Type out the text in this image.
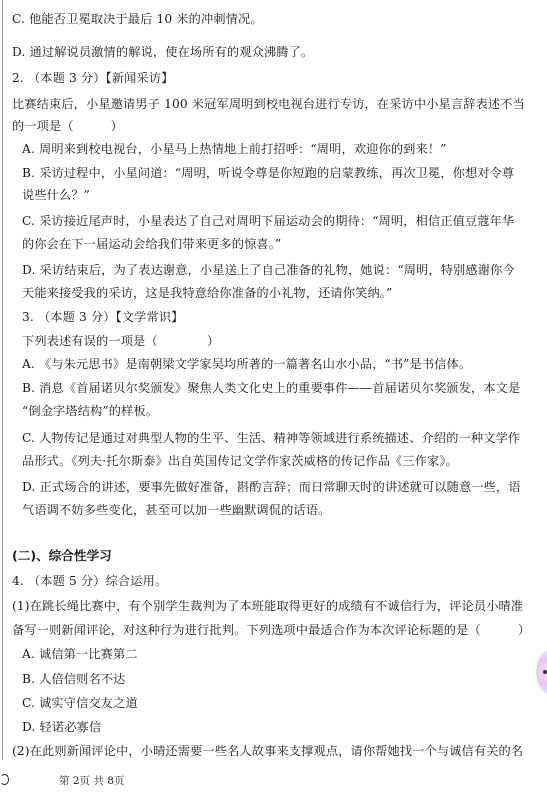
C. 他能否卫冕取决于最后 10 米的冲刺情况。
D. 通过解说员激情的解说，使在场所有的观众沸腾了。
2. （本题 3 分）【新闻采访】
比赛结束后，小星邀请男子 100 米冠军周明到校电视台进行专访，在采访中小星言辞表述不当
的一项是（　　　）
A. 周明来到校电视台，小星马上热情地上前打招呼：“周明，欢迎你的到来！”
B. 采访过程中，小星问道：“周明，听说令尊是你短跑的启蒙教练，再次卫冕，你想对令尊
说些什么？”
C. 采访接近尾声时，小星表达了自己对周明下届运动会的期待：“周明，相信正值豆蔻年华
的你会在下一届运动会给我们带来更多的惊喜。”
D. 采访结束后，为了表达谢意，小星送上了自己准备的礼物，她说：“周明，特别感谢你今
天能来接受我的采访，这是我特意给你准备的小礼物，还请你笑纳。”
3. （本题 3 分）【文学常识】
下列表述有误的一项是（　　　　）
A. 《与朱元思书》是南朝梁文学家吴均所著的一篇著名山水小品，“书”是书信体。
B. 消息《首届诺贝尔奖颁发》聚焦人类文化史上的重要事件——首届诺贝尔奖颁发，本文是
“倒金字塔结构”的样板。
C. 人物传记是通过对典型人物的生平、生活、精神等领域进行系统描述、介绍的一种文学作
品形式。《列夫·托尔斯泰》出自英国传记文学作家茨威格的传记作品《三作家》。
D. 正式场合的讲述，要事先做好准备，斟酌言辞；而日常聊天时的讲述就可以随意一些，语
气语调不妨多些变化，甚至可以加一些幽默调侃的话语。
(二)、综合性学习
4. （本题 5 分）综合运用。
(1)在跳长绳比赛中，有个别学生裁判为了本班能取得更好的成绩有不诚信行为，评论员小晴准
备写一则新闻评论，对这种行为进行批判。下列选项中最适合作为本次评论标题的是（　　　）
A. 诚信第一比赛第二
B. 人倍信则名不达
C. 诚实守信交友之道
D. 轻诺必寡信
(2)在此则新闻评论中，小晴还需要一些名人故事来支撑观点，请你帮她找一个与诚信有关的名
第 2页 共 8页
